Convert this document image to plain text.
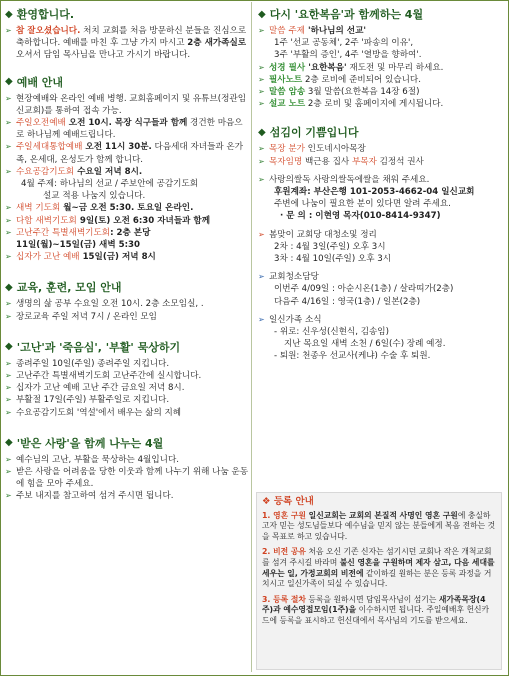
◆ 환영합니다.
➢ 참 잘오셨습니다. 처치 교회를 처음 방문하신 분들을 진심으로 축하합니다. 예배를 마친 후 그냥 가지 마시고 2층 새가족실로 오셔서 담임 목사님을 만나고 가시기 바랍니다.
◆ 예배 안내
➢ 현장예배와 온라인 예배 병행. 교회홈페이지 및 유튜브(정관임신교회)를 통하여 접속 가능.
➢ 주일오전예배 오전 10시. 목장 식구들과 함께 경건한 마음으로 하나님께 예배드립니다.
➢ 주일세대통합예배 오전 11시 30분. 다음세대 자녀들과 온가족, 온세대, 온성도가 함께 합니다.
➢ 수요공감기도회 수요일 저녁 8시.
4월 주제: 하나님의 선교 / 주보안에 공감기도회
설교 적용 나눔지 있습니다.
➢ 새벽 기도회 월~금 오전 5:30. 토요일 온라인.
➢ 다함 새벽기도회 9일(토) 오전 6:30 자녀들과 함께
➢ 고난주간 특별새벽기도회: 2층 본당
11일(월)~15일(금) 새벽 5:30
➢ 십자가 고난 예배 15일(금) 저녁 8시
◆ 교육, 훈련, 모임 안내
➢ 생명의 삶 공부 수요일 오전 10시. 2층 소모임실, .
➢ 장로교육 주일 저녁 7시 / 온라인 모임
◆ '고난'과 '죽음심', '부활' 묵상하기
➢ 종려주일 10일(주일) 종려주일 지킵니다.
➢ 고난주간 특별새벽기도회 고난주간에 실시합니다.
➢ 십자가 고난 예배 고난 주간 금요일 저녁 8시.
➢ 부활절 17일(주일) 부활주일로 지킵니다.
➢ 수요공감기도회 '역설'에서 배우는 삶의 지혜
◆ '받은 사랑'을 함께 나누는 4월
➢ 예수님의 고난, 부활을 묵상하는 4월입니다.
➢ 받은 사랑을 어려움을 당한 이웃과 함께 나누기 위해 나눔 운동에 힘을 모아 주세요.
➢ 주보 내지를 참고하여 섬겨 주시면 됩니다.
◆ 다시 '요한복음'과 함께하는 4월
➢ 말씀 주제 '하나님의 선교'
1주 '선교 공동체', 2주 '파송의 이유',
3주 '부활의 증인', 4주 '열방을 향하여'.
➢ 성경 필사 '요한복음' 재도전 및 마무리 하세요.
➢ 필사노트 2층 로비에 준비되어 있습니다.
➢ 말씀 암송 3월 말씀(요한복음 14장 6절)
➢ 설교 노트 2층 로비 및 홈페이지에 게시됩니다.
◆ 섬김이 기쁨입니다
➢ 목장 분가 인도네시아목장
➢ 목자임명 백근용 집사 부목자 김정석 권사
➢ 사랑의쌀독 사랑의쌀독에쌀을 채워 주세요.
후원계좌: 부산은행 101-2053-4662-04 일신교회
주변에 나눔이 필요한 분이 있다면 알려 주세요.
· 문 의 : 이현영 목자(010-8414-9347)
➢ 봄맞이 교회당 대청소및 정리
2차 : 4월 3일(주일) 오후 3시
3차 : 4월 10일(주일) 오후 3시
➢ 교회청소담당
이번주 4/09일 : 아순시온(1층) / 살라띠가(2층)
다음주 4/16일 : 영국(1층) / 일본(2층)
➢ 일신가족 소식
- 위로: 신우성(신현식, 김송임)
지난 목요일 새벽 소천 / 6일(수) 장례 예정.
- 퇴원: 천종우 선교사(케냐) 수술 후 퇴원.
❖ 등록 안내
1. 영혼 구원 일신교회는 교회의 본질적 사명인 영혼 구원에 충실하고자 믿는 성도님들보다 예수님을 믿지 않는 분들에게 복음 전하는 것을 목표로 하고 있습니다.
2. 비전 공유 처음 오신 기존 신자는 섬기시던 교회나 작은 개척교회를 섬겨 주시길 바라며 불신 영혼을 구원하며 제자 삼고, 다음 세대를 세우는 일, 가정교회의 비전에 같이하길 원하는 분은 등록 과정을 거치시고 일신가족이 되실 수 있습니다.
3. 등록 절차 등록을 원하시면 담임목사님이 섬기는 새가족목장(4주)과 예수영접모임(1주)을 이수하시면 됩니다. 주일예배후 헌신카드에 등록을 표시하고 헌신대에서 목사님의 기도를 받으세요.
